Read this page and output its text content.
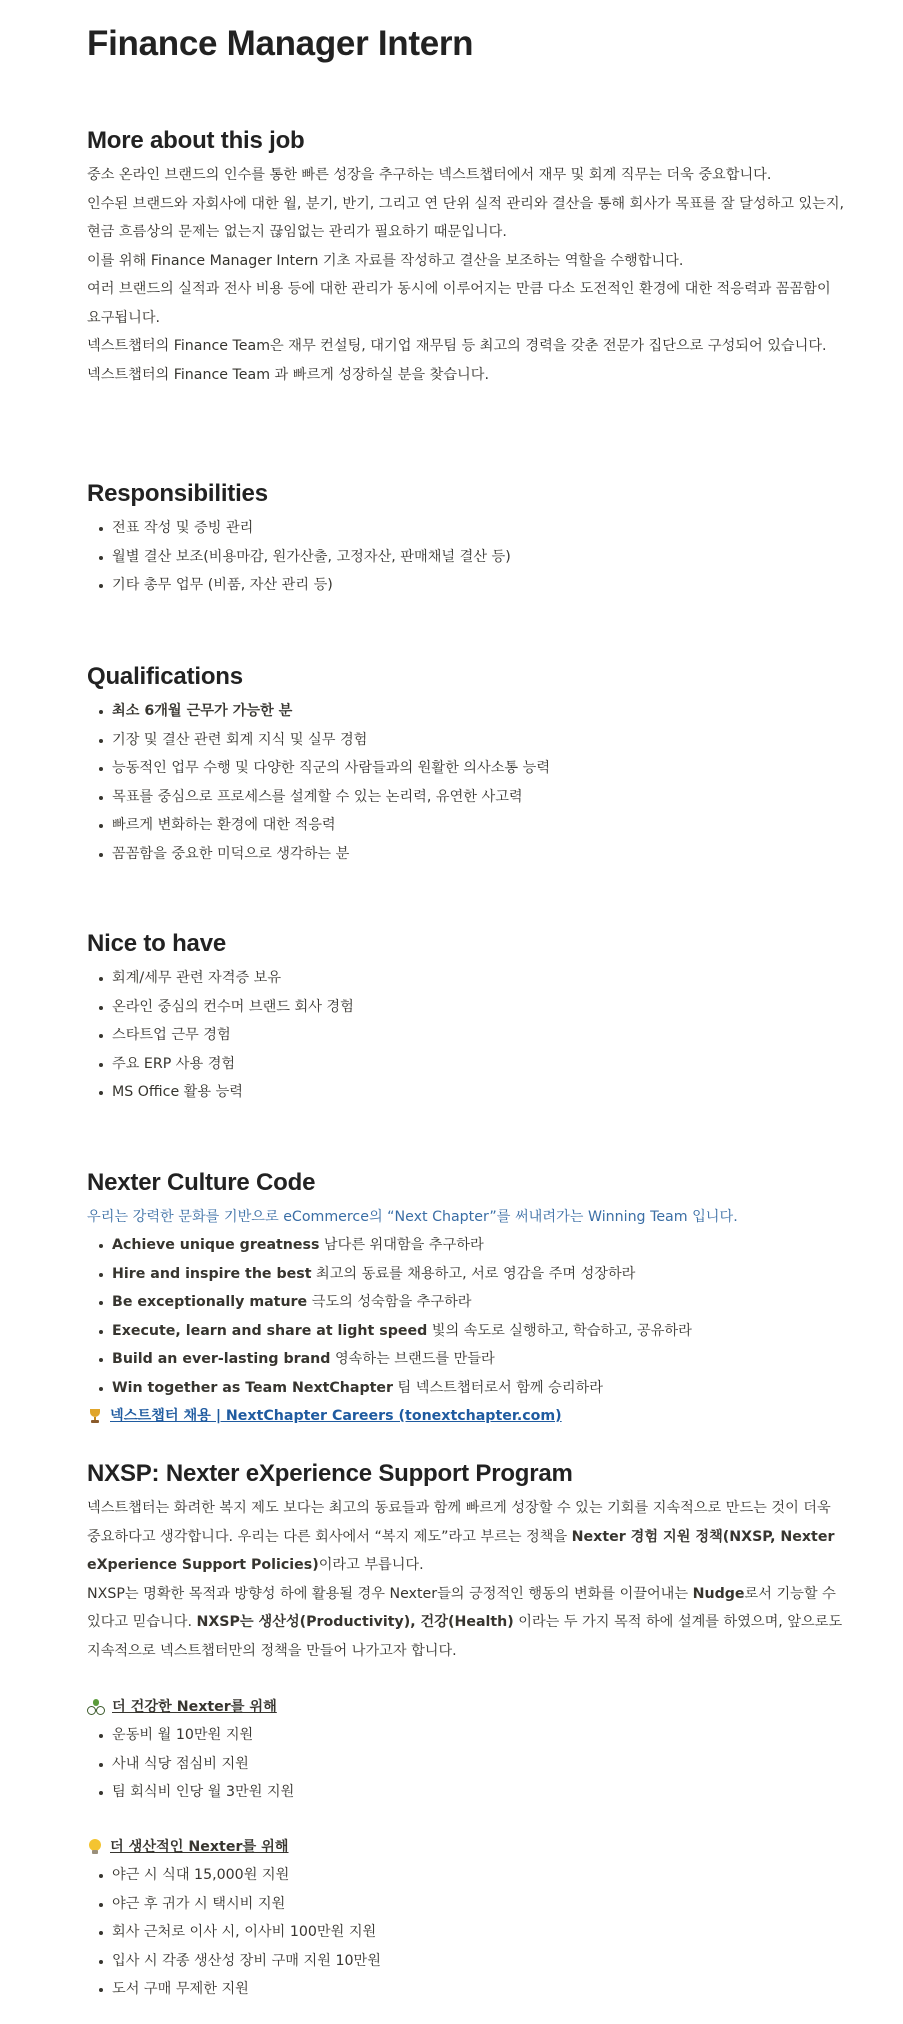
Finance Manager Intern
More about this job

중소 온라인 브랜드의 인수를 통한 빠른 성장을 추구하는 넥스트챕터에서 재무 및 회계 직무는 더욱 중요합니다.

인수된 브랜드와 자회사에 대한 월, 분기, 반기, 그리고 연 단위 실적 관리와 결산을 통해 회사가 목표를 잘 달성하고 있는지, 현금 흐름상의 문제는 없는지 끊임없는 관리가 필요하기 때문입니다.

이를 위해 Finance Manager Intern 기초 자료를 작성하고 결산을 보조하는 역할을 수행합니다.

여러 브랜드의 실적과 전사 비용 등에 대한 관리가 동시에 이루어지는 만큼 다소 도전적인 환경에 대한 적응력과 꼼꼼함이 요구됩니다.

넥스트챕터의 Finance Team은 재무 컨설팅, 대기업 재무팀 등 최고의 경력을 갖춘 전문가 집단으로 구성되어 있습니다.

넥스트챕터의 Finance Team 과 빠르게 성장하실 분을 찾습니다.

Responsibilities
전표 작성 및 증빙 관리
월별 결산 보조(비용마감, 원가산출, 고정자산, 판매채널 결산 등)
기타 총무 업무 (비품, 자산 관리 등)
Qualifications
최소 6개월 근무가 가능한 분
기장 및 결산 관련 회계 지식 및 실무 경험
능동적인 업무 수행 및 다양한 직군의 사람들과의 원활한 의사소통 능력
목표를 중심으로 프로세스를 설계할 수 있는 논리력, 유연한 사고력
빠르게 변화하는 환경에 대한 적응력
꼼꼼함을 중요한 미덕으로 생각하는 분
Nice to have
회계/세무 관련 자격증 보유
온라인 중심의 컨수머 브랜드 회사 경험
스타트업 근무 경험
주요 ERP 사용 경험
MS Office 활용 능력
Nexter Culture Code
우리는 강력한 문화를 기반으로 eCommerce의 “Next Chapter”를 써내려가는 Winning Team 입니다.
Achieve unique greatness 남다른 위대함을 추구하라
Hire and inspire the best 최고의 동료를 채용하고, 서로 영감을 주며 성장하라
Be exceptionally mature 극도의 성숙함을 추구하라
Execute, learn and share at light speed 빛의 속도로 실행하고, 학습하고, 공유하라
Build an ever-lasting brand 영속하는 브랜드를 만들라
Win together as Team NextChapter 팀 넥스트챕터로서 함께 승리하라
넥스트챕터 채용 | NextChapter Careers (tonextchapter.com)
NXSP: Nexter eXperience Support Program

넥스트챕터는 화려한 복지 제도 보다는 최고의 동료들과 함께 빠르게 성장할 수 있는 기회를 지속적으로 만드는 것이 더욱 중요하다고 생각합니다. 우리는 다른 회사에서 “복지 제도”라고 부르는 정책을 Nexter 경험 지원 정책(NXSP, Nexter eXperience Support Policies)이라고 부릅니다.

NXSP는 명확한 목적과 방향성 하에 활용될 경우 Nexter들의 긍정적인 행동의 변화를 이끌어내는 Nudge로서 기능할 수 있다고 믿습니다. NXSP는 생산성(Productivity), 건강(Health) 이라는 두 가지 목적 하에 설계를 하였으며, 앞으로도 지속적으로 넥스트챕터만의 정책을 만들어 나가고자 합니다.

더 건강한 Nexter를 위해
운동비 월 10만원 지원
사내 식당 점심비 지원
팀 회식비 인당 월 3만원 지원
더 생산적인 Nexter를 위해
야근 시 식대 15,000원 지원
야근 후 귀가 시 택시비 지원
회사 근처로 이사 시, 이사비 100만원 지원
입사 시 각종 생산성 장비 구매 지원 10만원
도서 구매 무제한 지원
